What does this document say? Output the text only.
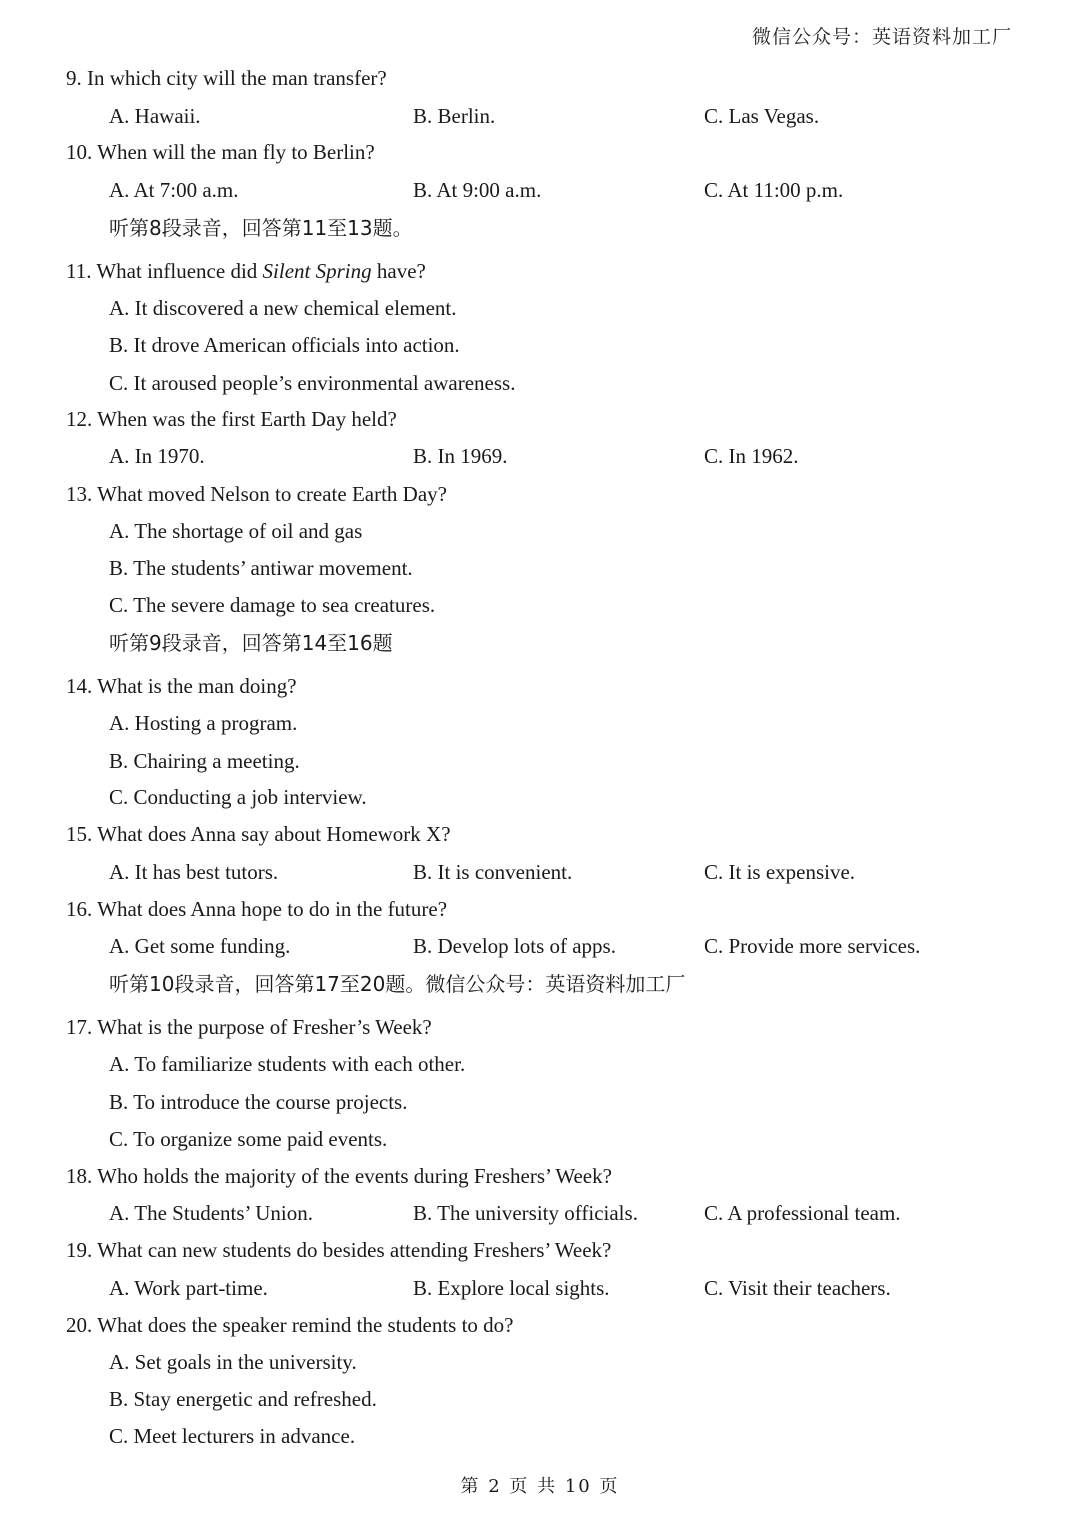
微信公众号：英语资料加工厂
9. In which city will the man transfer?
A. Hawaii.	B. Berlin.	C. Las Vegas.
10. When will the man fly to Berlin?
A. At 7:00 a.m.	B. At 9:00 a.m.	C. At 11:00 p.m.
听第8段录音，回答第11至13题。
11. What influence did Silent Spring have?
A. It discovered a new chemical element.
B. It drove American officials into action.
C. It aroused people’s environmental awareness.
12. When was the first Earth Day held?
A. In 1970.	B. In 1969.	C. In 1962.
13. What moved Nelson to create Earth Day?
A. The shortage of oil and gas
B. The students’ antiwar movement.
C. The severe damage to sea creatures.
听第9段录音，回答第14至16题
14. What is the man doing?
A. Hosting a program.
B. Chairing a meeting.
C. Conducting a job interview.
15. What does Anna say about Homework X?
A. It has best tutors.	B. It is convenient.	C. It is expensive.
16. What does Anna hope to do in the future?
A. Get some funding.	B. Develop lots of apps.	C. Provide more services.
听第10段录音，回答第17至20题。微信公众号：英语资料加工厂
17. What is the purpose of Fresher’s Week?
A. To familiarize students with each other.
B. To introduce the course projects.
C. To organize some paid events.
18. Who holds the majority of the events during Freshers’ Week?
A. The Students’ Union.	B. The university officials.	C. A professional team.
19. What can new students do besides attending Freshers’ Week?
A. Work part-time.	B. Explore local sights.	C. Visit their teachers.
20. What does the speaker remind the students to do?
A. Set goals in the university.
B. Stay energetic and refreshed.
C. Meet lecturers in advance.
第 2 页 共 10 页
